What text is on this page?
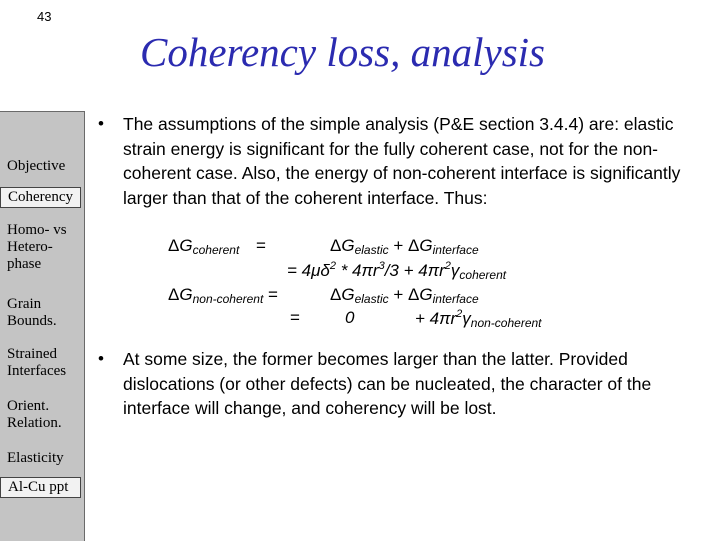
43
Coherency loss, analysis
Objective
Coherency
Homo- vs
Hetero-
phase
Grain
Bounds.
Strained
Interfaces
Orient.
Relation.
Elasticity
Al-Cu ppt
• The assumptions of the simple analysis (P&E section 3.4.4) are: elastic strain energy is significant for the fully coherent case, not for the non-coherent case. Also, the energy of non-coherent interface is significantly larger than that of the coherent interface. Thus:
$\Delta G_{coherent}$ =	$\Delta G_{elastic} + \Delta G_{interface}$
= $4\mu\delta^2 * 4\pi r^3/3 + 4\pi r^2\gamma_{coherent}$
$\Delta G_{non-coherent}$ =	$\Delta G_{elastic} + \Delta G_{interface}$
=	0	+ $4\pi r^2\gamma_{non-coherent}$
• At some size, the former becomes larger than the latter. Provided dislocations (or other defects) can be nucleated, the character of the interface will change, and coherency will be lost.
